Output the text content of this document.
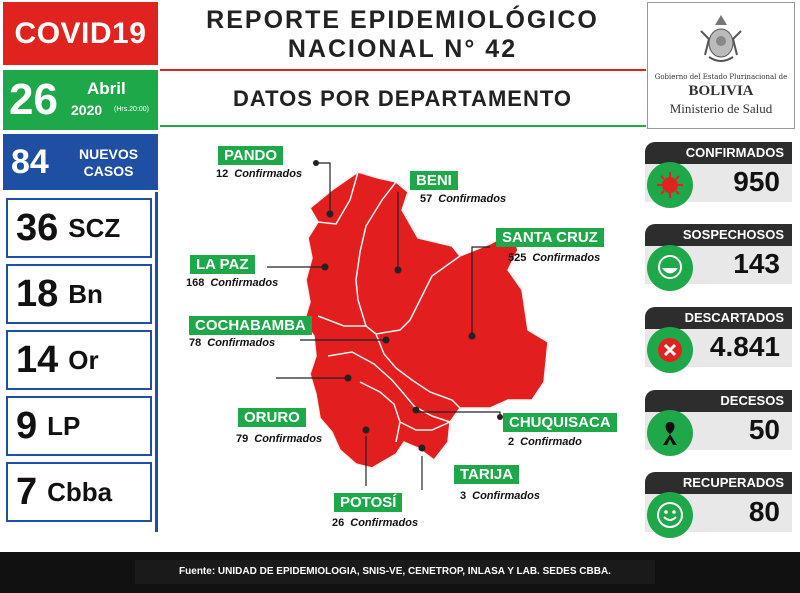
COVID19
26 Abril
2020 (Hrs.20:00)
84 NUEVOS
CASOS
36 SCZ
18 Bn
14 Or
9 LP
7 Cbba
REPORTE EPIDEMIOLÓGICO
NACIONAL N° 42
DATOS POR DEPARTAMENTO
Gobierno del Estado Plurinacional de
BOLIVIA
Ministerio de Salud
PANDO
12 Confirmados	BENI
57 Confirmados
LA PAZ
168 Confirmados
SANTA CRUZ
525 Confirmados
COCHABAMBA
78 Confirmados
ORURO
79 Confirmados
CHUQUISACA
2 Confirmado
TARIJA
3 Confirmados
POTOSÍ
26 Confirmados
CONFIRMADOS
950
SOSPECHOSOS
143
DESCARTADOS
4.841
DECESOS
50
RECUPERADOS
80
Fuente: UNIDAD DE EPIDEMIOLOGIA, SNIS-VE, CENETROP, INLASA Y LAB. SEDES CBBA.
